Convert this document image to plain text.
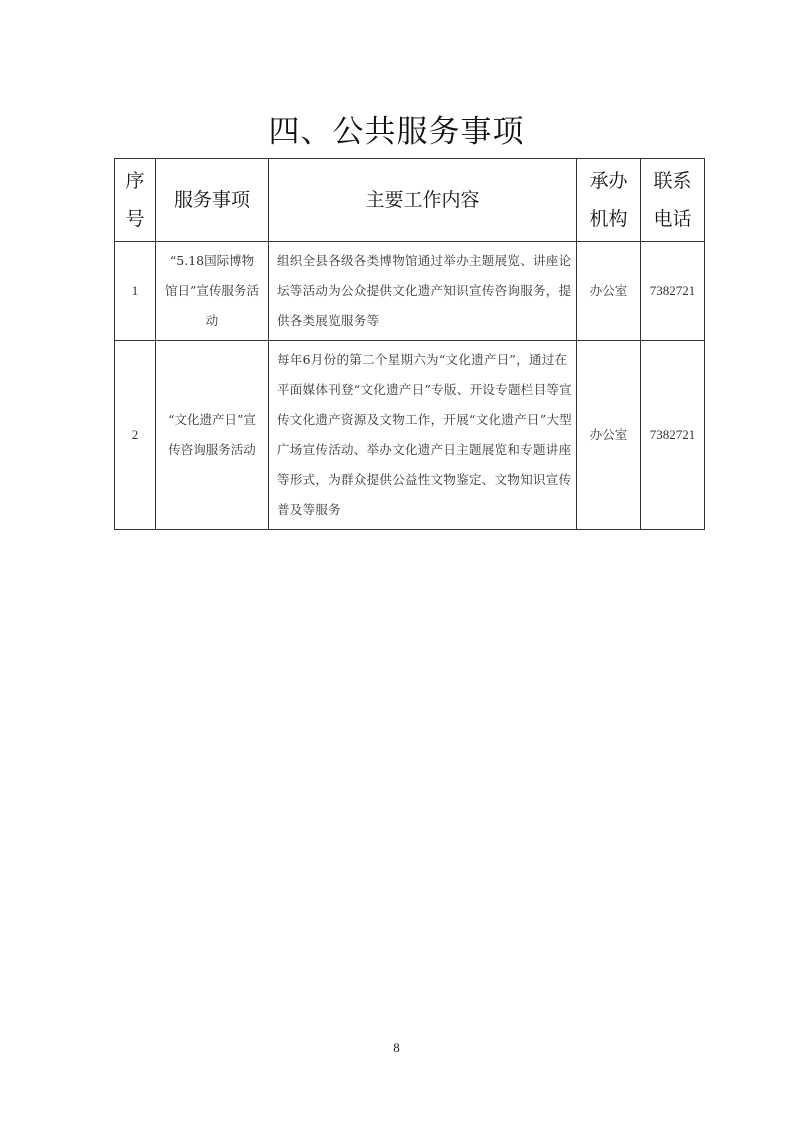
四、公共服务事项
序号	服务事项	主要工作内容	承办机构	联系电话
1	“5.18国际博物馆日”宣传服务活动	组织全县各级各类博物馆通过举办主题展览、讲座论坛等活动为公众提供文化遗产知识宣传咨询服务，提供各类展览服务等	办公室	7382721
2	“文化遗产日”宣传咨询服务活动	每年6月份的第二个星期六为“文化遗产日”，通过在平面媒体刊登“文化遗产日”专版、开设专题栏目等宣传文化遗产资源及文物工作，开展“文化遗产日”大型广场宣传活动、举办文化遗产日主题展览和专题讲座等形式，为群众提供公益性文物鉴定、文物知识宣传普及等服务	办公室	7382721
8
